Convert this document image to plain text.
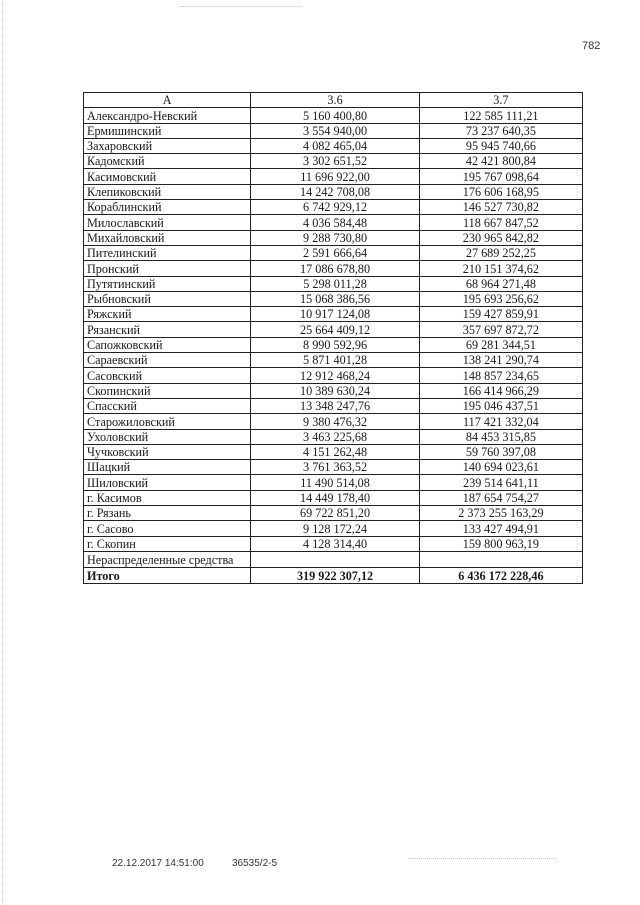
782
А	3.6	3.7
Александро-Невский	5 160 400,80	122 585 111,21
Ермишинский	3 554 940,00	73 237 640,35
Захаровский	4 082 465,04	95 945 740,66
Кадомский	3 302 651,52	42 421 800,84
Касимовский	11 696 922,00	195 767 098,64
Клепиковский	14 242 708,08	176 606 168,95
Кораблинский	6 742 929,12	146 527 730,82
Милославский	4 036 584,48	118 667 847,52
Михайловский	9 288 730,80	230 965 842,82
Пителинский	2 591 666,64	27 689 252,25
Пронский	17 086 678,80	210 151 374,62
Путятинский	5 298 011,28	68 964 271,48
Рыбновский	15 068 386,56	195 693 256,62
Ряжский	10 917 124,08	159 427 859,91
Рязанский	25 664 409,12	357 697 872,72
Сапожковский	8 990 592,96	69 281 344,51
Сараевский	5 871 401,28	138 241 290,74
Сасовский	12 912 468,24	148 857 234,65
Скопинский	10 389 630,24	166 414 966,29
Спасский	13 348 247,76	195 046 437,51
Старожиловский	9 380 476,32	117 421 332,04
Ухоловский	3 463 225,68	84 453 315,85
Чучковский	4 151 262,48	59 760 397,08
Шацкий	3 761 363,52	140 694 023,61
Шиловский	11 490 514,08	239 514 641,11
г. Касимов	14 449 178,40	187 654 754,27
г. Рязань	69 722 851,20	2 373 255 163,29
г. Сасово	9 128 172,24	133 427 494,91
г. Скопин	4 128 314,40	159 800 963,19
Нераспределенные средства		
Итого	319 922 307,12	6 436 172 228,46
22.12.2017 14:51:00	36535/2-5
